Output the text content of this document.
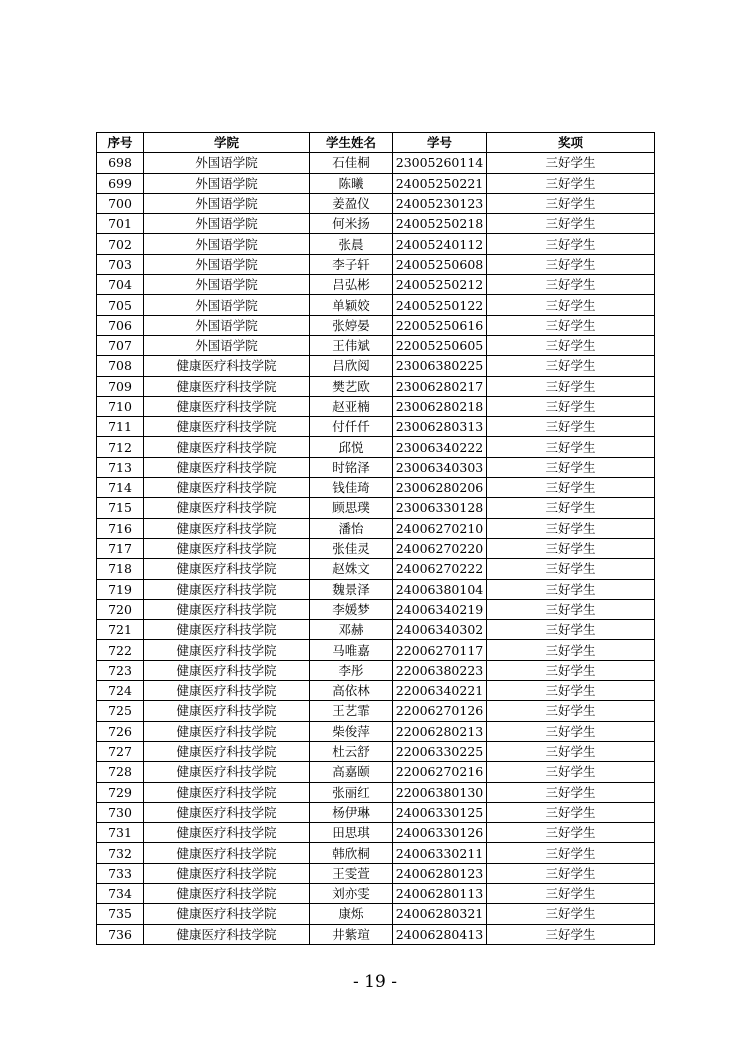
序号	学院	学生姓名	学号	奖项
698	外国语学院	石佳桐	23005260114	三好学生
699	外国语学院	陈曦	24005250221	三好学生
700	外国语学院	姜盈仪	24005230123	三好学生
701	外国语学院	何米扬	24005250218	三好学生
702	外国语学院	张晨	24005240112	三好学生
703	外国语学院	李子轩	24005250608	三好学生
704	外国语学院	吕弘彬	24005250212	三好学生
705	外国语学院	单颖姣	24005250122	三好学生
706	外国语学院	张婷晏	22005250616	三好学生
707	外国语学院	王伟斌	22005250605	三好学生
708	健康医疗科技学院	吕欣阅	23006380225	三好学生
709	健康医疗科技学院	樊艺欧	23006280217	三好学生
710	健康医疗科技学院	赵亚楠	23006280218	三好学生
711	健康医疗科技学院	付仟仟	23006280313	三好学生
712	健康医疗科技学院	邱悦	23006340222	三好学生
713	健康医疗科技学院	时铭泽	23006340303	三好学生
714	健康医疗科技学院	钱佳琦	23006280206	三好学生
715	健康医疗科技学院	顾思璞	23006330128	三好学生
716	健康医疗科技学院	潘怡	24006270210	三好学生
717	健康医疗科技学院	张佳灵	24006270220	三好学生
718	健康医疗科技学院	赵姝文	24006270222	三好学生
719	健康医疗科技学院	魏景泽	24006380104	三好学生
720	健康医疗科技学院	李媛梦	24006340219	三好学生
721	健康医疗科技学院	邓赫	24006340302	三好学生
722	健康医疗科技学院	马唯嘉	22006270117	三好学生
723	健康医疗科技学院	李彤	22006380223	三好学生
724	健康医疗科技学院	高依林	22006340221	三好学生
725	健康医疗科技学院	王艺霏	22006270126	三好学生
726	健康医疗科技学院	柴俊萍	22006280213	三好学生
727	健康医疗科技学院	杜云舒	22006330225	三好学生
728	健康医疗科技学院	高嘉颐	22006270216	三好学生
729	健康医疗科技学院	张丽红	22006380130	三好学生
730	健康医疗科技学院	杨伊琳	24006330125	三好学生
731	健康医疗科技学院	田思琪	24006330126	三好学生
732	健康医疗科技学院	韩欣桐	24006330211	三好学生
733	健康医疗科技学院	王雯萱	24006280123	三好学生
734	健康医疗科技学院	刘亦雯	24006280113	三好学生
735	健康医疗科技学院	康烁	24006280321	三好学生
736	健康医疗科技学院	井紫瑄	24006280413	三好学生
- 19 -
